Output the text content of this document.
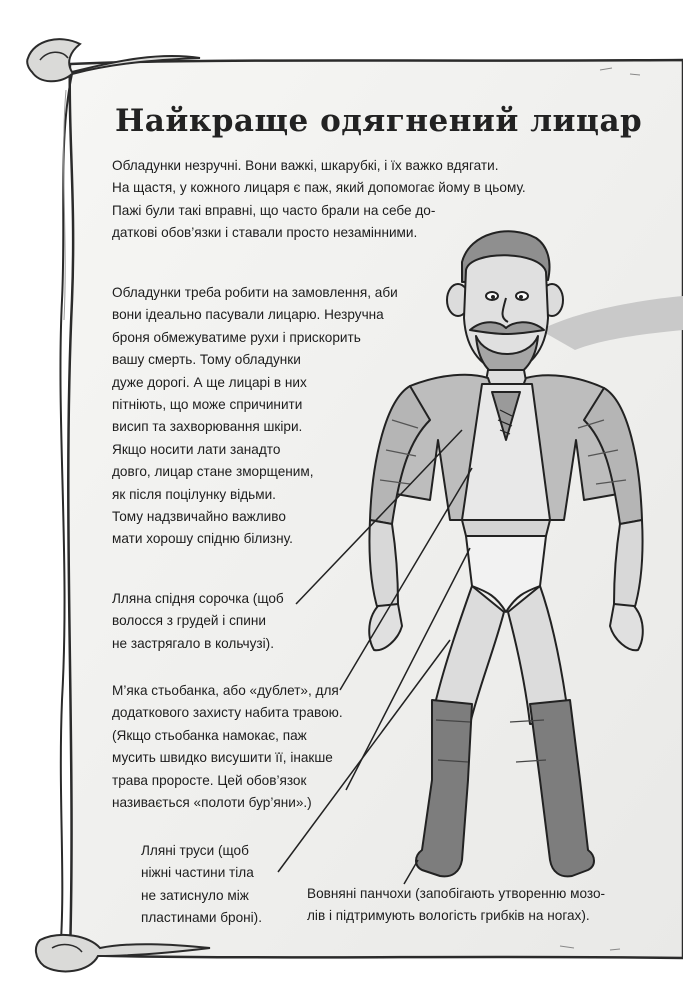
Найкраще одягнений лицар

Обладунки незручні. Вони важкі, шкарубкі, і їх важко вдягати.
На щастя, у кожного лицаря є паж, який допомогає йому в цьому.
Пажі були такі вправні, що часто брали на себе до-
даткові обов’язки і ставали просто незамінними.

Обладунки треба робити на замовлення, аби
вони ідеально пасували лицарю. Незручна
броня обмежуватиме рухи і прискорить
вашу смерть. Тому обладунки
дуже дорогі. А ще лицарі в них
пітніють, що може спричинити
висип та захворювання шкіри.
Якщо носити лати занадто
довго, лицар стане зморщеним,
як після поцілунку відьми.
Тому надзвичайно важливо
мати хорошу спідню білизну.

Лляна спідня сорочка (щоб
волосся з грудей і спини
не застрягало в кольчузі).

М’яка стьобанка, або «дублет», для
додаткового захисту набита травою.
(Якщо стьобанка намокає, паж
мусить швидко висушити її, інакше
трава проросте. Цей обов’язок
називається «полоти бур’яни».)

Лляні труси (щоб
ніжні частини тіла
не затиснуло між
пластинами броні).

Вовняні панчохи (запобігають утворенню мозо-
лів і підтримують вологість грибків на ногах).
